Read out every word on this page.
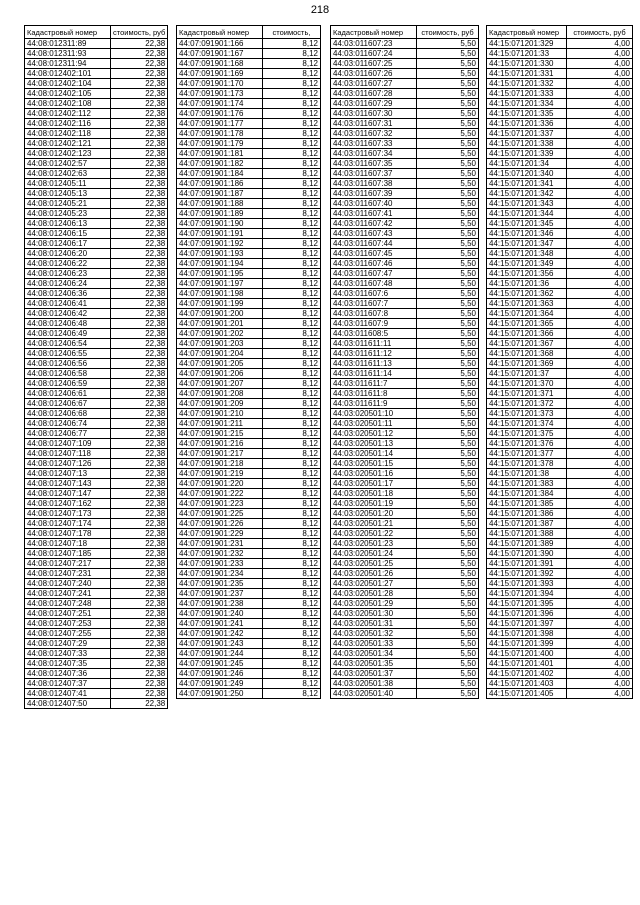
218
Кадастровый номер	стоимость, руб
44:08:012311:89	22,38
44:08:012311:93	22,38
44:08:012311:94	22,38
44:08:012402:101	22,38
44:08:012402:104	22,38
44:08:012402:105	22,38
44:08:012402:108	22,38
44:08:012402:112	22,38
44:08:012402:116	22,38
44:08:012402:118	22,38
44:08:012402:121	22,38
44:08:012402:123	22,38
44:08:012402:57	22,38
44:08:012402:63	22,38
44:08:012405:11	22,38
44:08:012405:13	22,38
44:08:012405:21	22,38
44:08:012405:23	22,38
44:08:012406:13	22,38
44:08:012406:15	22,38
44:08:012406:17	22,38
44:08:012406:20	22,38
44:08:012406:22	22,38
44:08:012406:23	22,38
44:08:012406:24	22,38
44:08:012406:36	22,38
44:08:012406:41	22,38
44:08:012406:42	22,38
44:08:012406:48	22,38
44:08:012406:49	22,38
44:08:012406:54	22,38
44:08:012406:55	22,38
44:08:012406:56	22,38
44:08:012406:58	22,38
44:08:012406:59	22,38
44:08:012406:61	22,38
44:08:012406:67	22,38
44:08:012406:68	22,38
44:08:012406:74	22,38
44:08:012406:77	22,38
44:08:012407:109	22,38
44:08:012407:118	22,38
44:08:012407:126	22,38
44:08:012407:13	22,38
44:08:012407:143	22,38
44:08:012407:147	22,38
44:08:012407:162	22,38
44:08:012407:173	22,38
44:08:012407:174	22,38
44:08:012407:178	22,38
44:08:012407:18	22,38
44:08:012407:185	22,38
44:08:012407:217	22,38
44:08:012407:231	22,38
44:08:012407:240	22,38
44:08:012407:241	22,38
44:08:012407:248	22,38
44:08:012407:251	22,38
44:08:012407:253	22,38
44:08:012407:255	22,38
44:08:012407:29	22,38
44:08:012407:33	22,38
44:08:012407:35	22,38
44:08:012407:36	22,38
44:08:012407:37	22,38
44:08:012407:41	22,38
44:08:012407:50	22,38
Кадастровый номер	стоимость,
44:07:091901:166	8,12
44:07:091901:167	8,12
44:07:091901:168	8,12
44:07:091901:169	8,12
44:07:091901:170	8,12
44:07:091901:173	8,12
44:07:091901:174	8,12
44:07:091901:176	8,12
44:07:091901:177	8,12
44:07:091901:178	8,12
44:07:091901:179	8,12
44:07:091901:181	8,12
44:07:091901:182	8,12
44:07:091901:184	8,12
44:07:091901:186	8,12
44:07:091901:187	8,12
44:07:091901:188	8,12
44:07:091901:189	8,12
44:07:091901:190	8,12
44:07:091901:191	8,12
44:07:091901:192	8,12
44:07:091901:193	8,12
44:07:091901:194	8,12
44:07:091901:195	8,12
44:07:091901:197	8,12
44:07:091901:198	8,12
44:07:091901:199	8,12
44:07:091901:200	8,12
44:07:091901:201	8,12
44:07:091901:202	8,12
44:07:091901:203	8,12
44:07:091901:204	8,12
44:07:091901:205	8,12
44:07:091901:206	8,12
44:07:091901:207	8,12
44:07:091901:208	8,12
44:07:091901:209	8,12
44:07:091901:210	8,12
44:07:091901:211	8,12
44:07:091901:215	8,12
44:07:091901:216	8,12
44:07:091901:217	8,12
44:07:091901:218	8,12
44:07:091901:219	8,12
44:07:091901:220	8,12
44:07:091901:222	8,12
44:07:091901:223	8,12
44:07:091901:225	8,12
44:07:091901:226	8,12
44:07:091901:229	8,12
44:07:091901:231	8,12
44:07:091901:232	8,12
44:07:091901:233	8,12
44:07:091901:234	8,12
44:07:091901:235	8,12
44:07:091901:237	8,12
44:07:091901:238	8,12
44:07:091901:240	8,12
44:07:091901:241	8,12
44:07:091901:242	8,12
44:07:091901:243	8,12
44:07:091901:244	8,12
44:07:091901:245	8,12
44:07:091901:246	8,12
44:07:091901:249	8,12
44:07:091901:250	8,12
Кадастровый номер	стоимость, руб
44:03:011607:23	5,50
44:03:011607:24	5,50
44:03:011607:25	5,50
44:03:011607:26	5,50
44:03:011607:27	5,50
44:03:011607:28	5,50
44:03:011607:29	5,50
44:03:011607:30	5,50
44:03:011607:31	5,50
44:03:011607:32	5,50
44:03:011607:33	5,50
44:03:011607:34	5,50
44:03:011607:35	5,50
44:03:011607:37	5,50
44:03:011607:38	5,50
44:03:011607:39	5,50
44:03:011607:40	5,50
44:03:011607:41	5,50
44:03:011607:42	5,50
44:03:011607:43	5,50
44:03:011607:44	5,50
44:03:011607:45	5,50
44:03:011607:46	5,50
44:03:011607:47	5,50
44:03:011607:48	5,50
44:03:011607:6	5,50
44:03:011607:7	5,50
44:03:011607:8	5,50
44:03:011607:9	5,50
44:03:011608:5	5,50
44:03:011611:11	5,50
44:03:011611:12	5,50
44:03:011611:13	5,50
44:03:011611:14	5,50
44:03:011611:7	5,50
44:03:011611:8	5,50
44:03:011611:9	5,50
44:03:020501:10	5,50
44:03:020501:11	5,50
44:03:020501:12	5,50
44:03:020501:13	5,50
44:03:020501:14	5,50
44:03:020501:15	5,50
44:03:020501:16	5,50
44:03:020501:17	5,50
44:03:020501:18	5,50
44:03:020501:19	5,50
44:03:020501:20	5,50
44:03:020501:21	5,50
44:03:020501:22	5,50
44:03:020501:23	5,50
44:03:020501:24	5,50
44:03:020501:25	5,50
44:03:020501:26	5,50
44:03:020501:27	5,50
44:03:020501:28	5,50
44:03:020501:29	5,50
44:03:020501:30	5,50
44:03:020501:31	5,50
44:03:020501:32	5,50
44:03:020501:33	5,50
44:03:020501:34	5,50
44:03:020501:35	5,50
44:03:020501:37	5,50
44:03:020501:38	5,50
44:03:020501:40	5,50
Кадастровый номер	стоимость, руб
44:15:071201:329	4,00
44:15:071201:33	4,00
44:15:071201:330	4,00
44:15:071201:331	4,00
44:15:071201:332	4,00
44:15:071201:333	4,00
44:15:071201:334	4,00
44:15:071201:335	4,00
44:15:071201:336	4,00
44:15:071201:337	4,00
44:15:071201:338	4,00
44:15:071201:339	4,00
44:15:071201:34	4,00
44:15:071201:340	4,00
44:15:071201:341	4,00
44:15:071201:342	4,00
44:15:071201:343	4,00
44:15:071201:344	4,00
44:15:071201:345	4,00
44:15:071201:346	4,00
44:15:071201:347	4,00
44:15:071201:348	4,00
44:15:071201:349	4,00
44:15:071201:356	4,00
44:15:071201:36	4,00
44:15:071201:362	4,00
44:15:071201:363	4,00
44:15:071201:364	4,00
44:15:071201:365	4,00
44:15:071201:366	4,00
44:15:071201:367	4,00
44:15:071201:368	4,00
44:15:071201:369	4,00
44:15:071201:37	4,00
44:15:071201:370	4,00
44:15:071201:371	4,00
44:15:071201:372	4,00
44:15:071201:373	4,00
44:15:071201:374	4,00
44:15:071201:375	4,00
44:15:071201:376	4,00
44:15:071201:377	4,00
44:15:071201:378	4,00
44:15:071201:38	4,00
44:15:071201:383	4,00
44:15:071201:384	4,00
44:15:071201:385	4,00
44:15:071201:386	4,00
44:15:071201:387	4,00
44:15:071201:388	4,00
44:15:071201:389	4,00
44:15:071201:390	4,00
44:15:071201:391	4,00
44:15:071201:392	4,00
44:15:071201:393	4,00
44:15:071201:394	4,00
44:15:071201:395	4,00
44:15:071201:396	4,00
44:15:071201:397	4,00
44:15:071201:398	4,00
44:15:071201:399	4,00
44:15:071201:400	4,00
44:15:071201:401	4,00
44:15:071201:402	4,00
44:15:071201:403	4,00
44:15:071201:405	4,00
